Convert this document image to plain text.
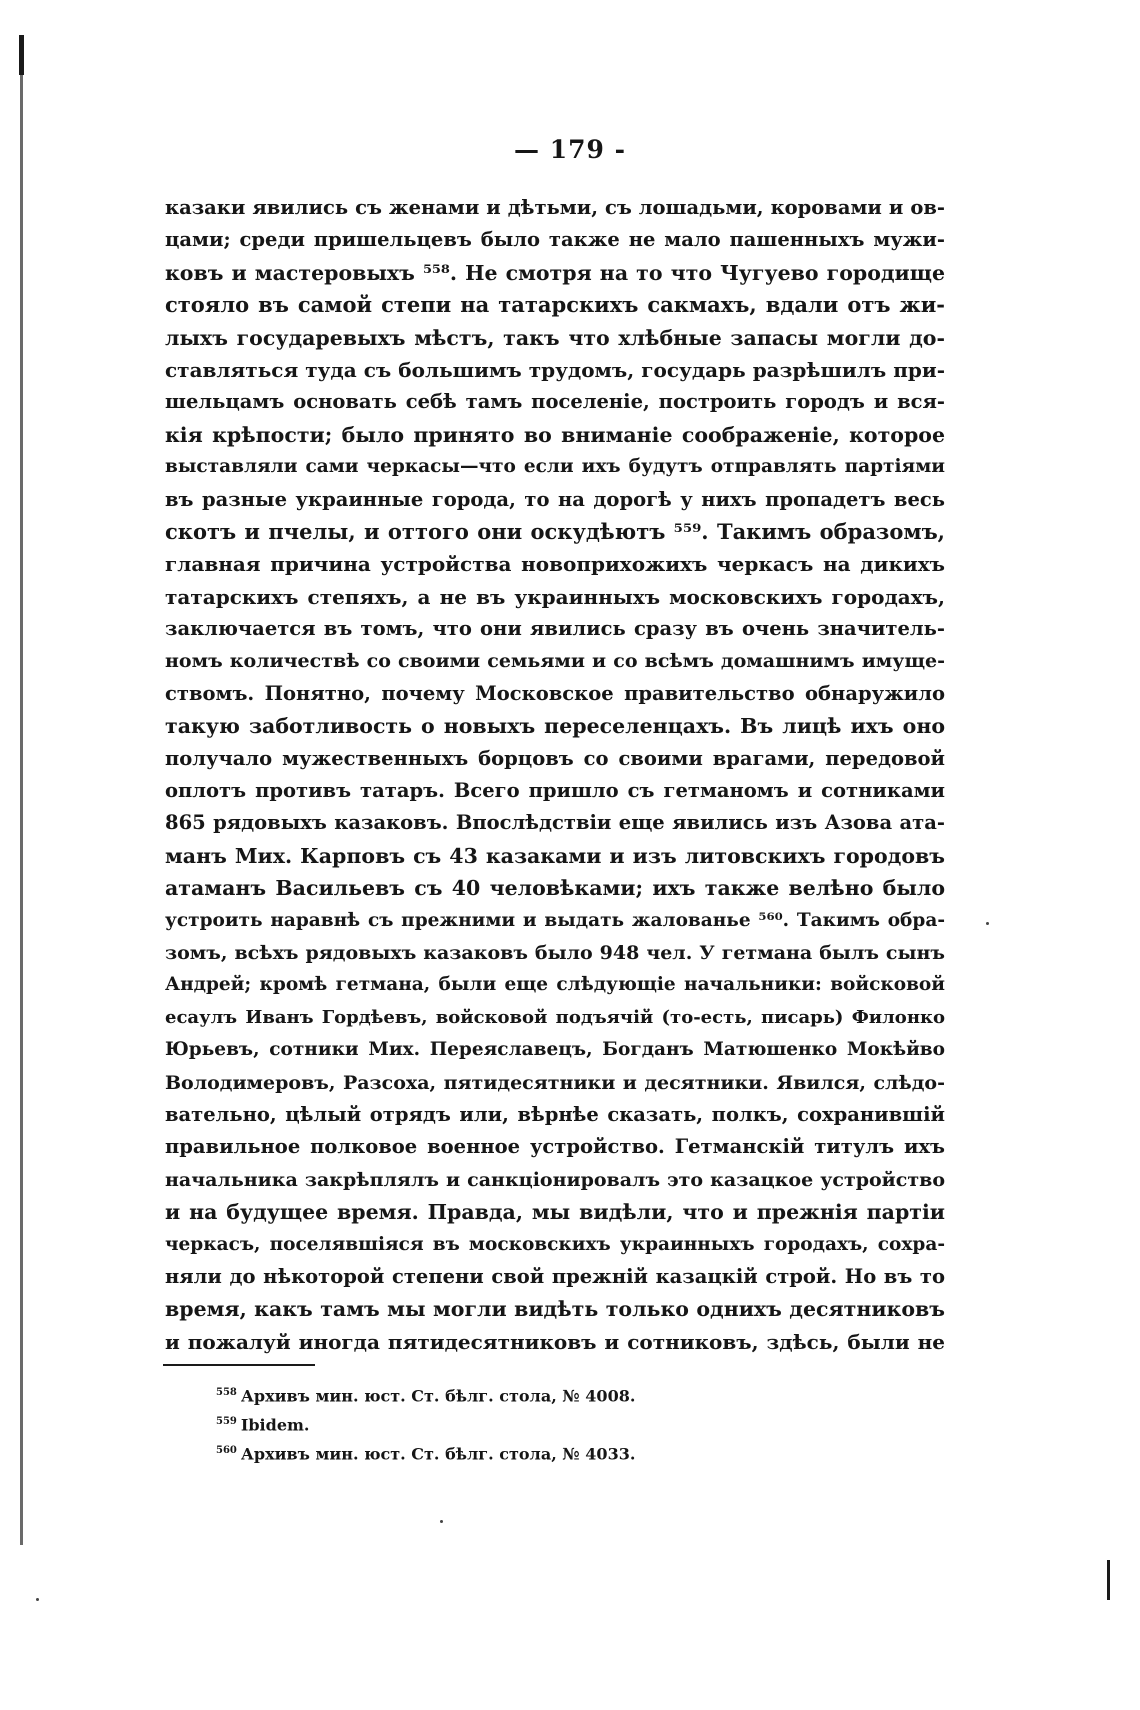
— 179 -
казаки явились съ женами и дѣтьми, съ лошадьми, коровами и ов-
цами; среди пришельцевъ было также не мало пашенныхъ мужи-
ковъ и мастеровыхъ ⁵⁵⁸. Не смотря на то что Чугуево городище
стояло въ самой степи на татарскихъ сакмахъ, вдали отъ жи-
лыхъ государевыхъ мѣстъ, такъ что хлѣбные запасы могли до-
ставляться туда съ большимъ трудомъ, государь разрѣшилъ при-
шельцамъ основать себѣ тамъ поселеніе, построить городъ и вся-
кія крѣпости; было принято во вниманіе соображеніе, которое
выставляли сами черкасы—что если ихъ будутъ отправлять партіями
въ разные украинные города, то на дорогѣ у нихъ пропадетъ весь
скотъ и пчелы, и оттого они оскудѣютъ ⁵⁵⁹. Такимъ образомъ,
главная причина устройства новоприхожихъ черкасъ на дикихъ
татарскихъ степяхъ, а не въ украинныхъ московскихъ городахъ,
заключается въ томъ, что они явились сразу въ очень значитель-
номъ количествѣ со своими семьями и со всѣмъ домашнимъ имуще-
ствомъ. Понятно, почему Московское правительство обнаружило
такую заботливость о новыхъ переселенцахъ. Въ лицѣ ихъ оно
получало мужественныхъ борцовъ со своими врагами, передовой
оплотъ противъ татаръ. Всего пришло съ гетманомъ и сотниками
865 рядовыхъ казаковъ. Впослѣдствіи еще явились изъ Азова ата-
манъ Мих. Карповъ съ 43 казаками и изъ литовскихъ городовъ
атаманъ Васильевъ съ 40 человѣками; ихъ также велѣно было
устроить наравнѣ съ прежними и выдать жалованье ⁵⁶⁰. Такимъ обра-
зомъ, всѣхъ рядовыхъ казаковъ было 948 чел. У гетмана былъ сынъ
Андрей; кромѣ гетмана, были еще слѣдующіе начальники: войсковой
есаулъ Иванъ Гордѣевъ, войсковой подъячій (то-есть, писарь) Филонко
Юрьевъ, сотники Мих. Переяславецъ, Богданъ Матюшенко Мокѣйво
Володимеровъ, Разсоха, пятидесятники и десятники. Явился, слѣдо-
вательно, цѣлый отрядъ или, вѣрнѣе сказать, полкъ, сохранившій
правильное полковое военное устройство. Гетманскій титулъ ихъ
начальника закрѣплялъ и санкціонировалъ это казацкое устройство
и на будущее время. Правда, мы видѣли, что и прежнія партіи
черкасъ, поселявшіяся въ московскихъ украинныхъ городахъ, сохра-
няли до нѣкоторой степени свой прежній казацкій строй. Но въ то
время, какъ тамъ мы могли видѣть только однихъ десятниковъ
и пожалуй иногда пятидесятниковъ и сотниковъ, здѣсь, были не
$^{558}$ Архивъ мин. юст. Ст. бѣлг. стола, № 4008.
$^{559}$ Ibidem.
$^{560}$ Архивъ мин. юст. Ст. бѣлг. стола, № 4033.
